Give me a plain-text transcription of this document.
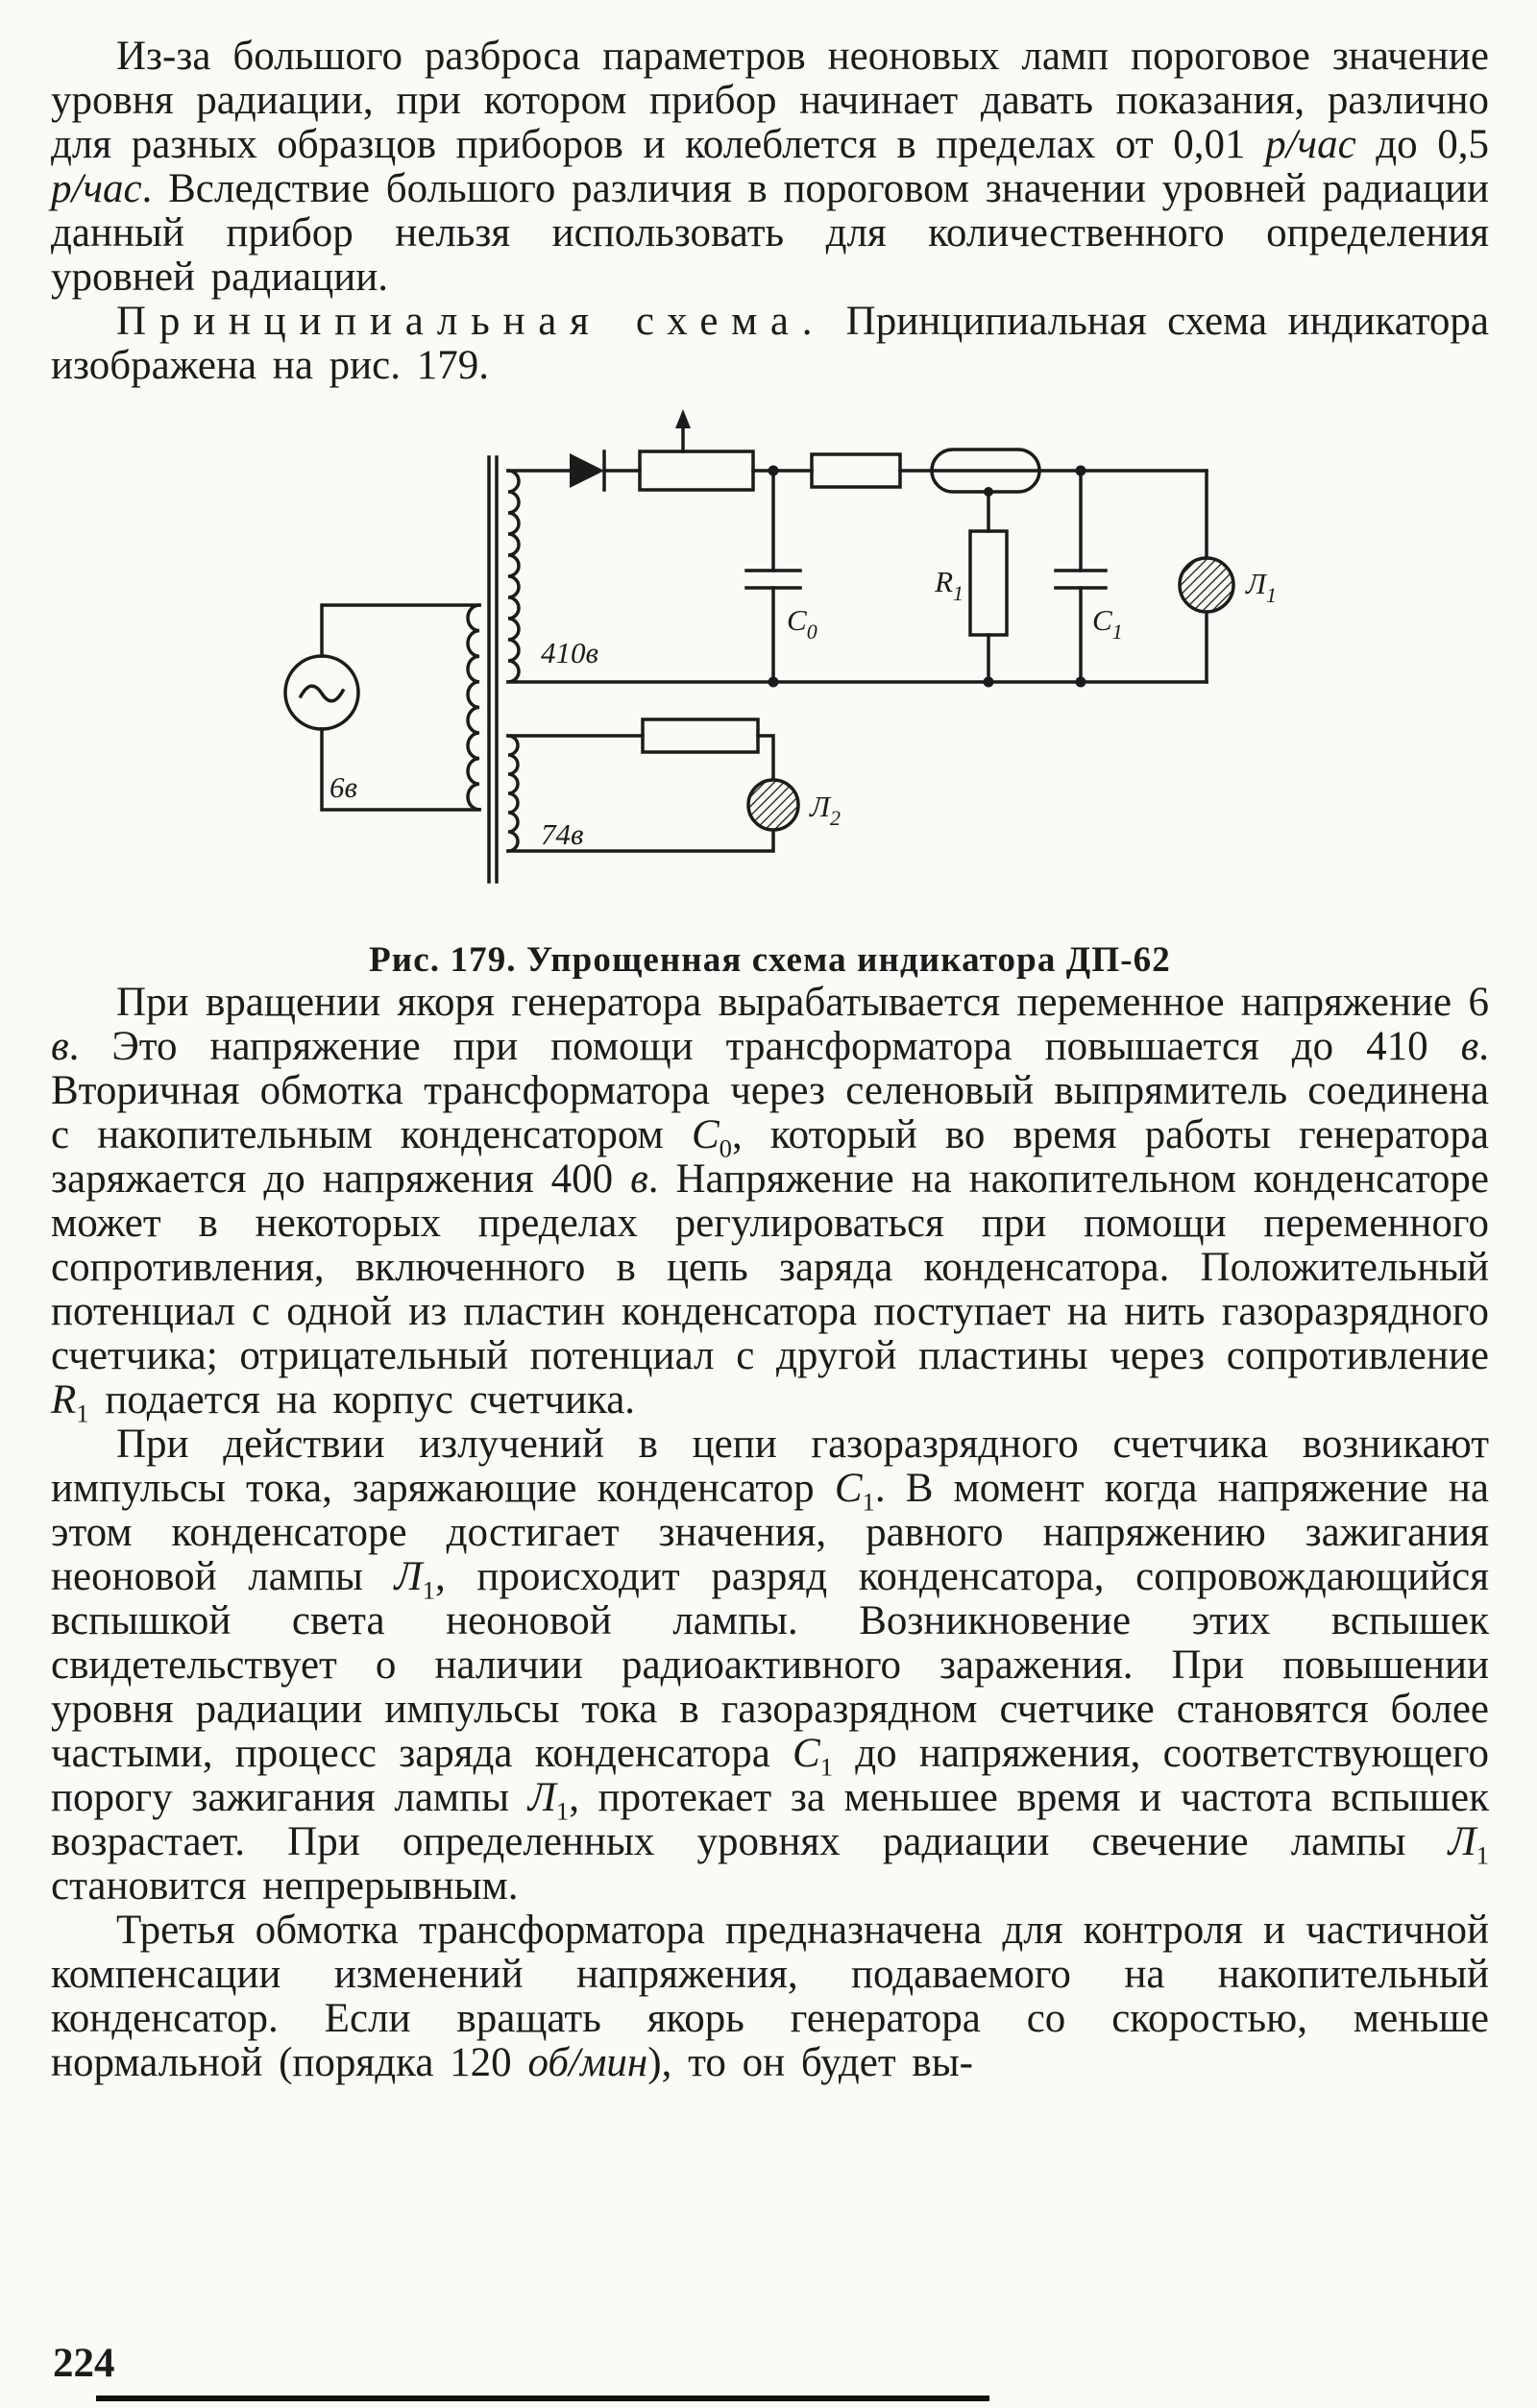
Из-за большого разброса параметров неоновых ламп пороговое значение уровня радиации, при котором прибор начинает давать показания, различно для разных образцов приборов и колеблется в пределах от 0,01 р/час до 0,5 р/час. Вследствие большого различия в пороговом значении уровней радиации данный прибор нельзя использовать для количественного определения уровней радиации.

Принципиальная схема. Принципиальная схема индикатора изображена на рис. 179.

410в
6в
74в
$С_0$
$R_1$
$С_1$
$Л_1$
$Л_2$
Рис. 179. Упрощенная схема индикатора ДП-62

При вращении якоря генератора вырабатывается переменное напряжение 6 в. Это напряжение при помощи трансформатора повышается до 410 в. Вторичная обмотка трансформатора через селеновый выпрямитель соединена с накопительным конденсатором $С_0$, который во время работы генератора заряжается до напряжения 400 в. Напряжение на накопительном конденсаторе может в некоторых пределах регулироваться при помощи переменного сопротивления, включенного в цепь заряда конденсатора. Положительный потенциал с одной из пластин конденсатора поступает на нить газоразрядного счетчика; отрицательный потенциал с другой пластины через сопротивление $R_1$ подается на корпус счетчика.

При действии излучений в цепи газоразрядного счетчика возникают импульсы тока, заряжающие конденсатор $С_1$. В момент когда напряжение на этом конденсаторе достигает значения, равного напряжению зажигания неоновой лампы $Л_1$, происходит разряд конденсатора, сопровождающийся вспышкой света неоновой лампы. Возникновение этих вспышек свидетельствует о наличии радиоактивного заражения. При повышении уровня радиации импульсы тока в газоразрядном счетчике становятся более частыми, процесс заряда конденсатора $С_1$ до напряжения, соответствующего порогу зажигания лампы $Л_1$, протекает за меньшее время и частота вспышек возрастает. При определенных уровнях радиации свечение лампы $Л_1$ становится непрерывным.

Третья обмотка трансформатора предназначена для контроля и частичной компенсации изменений напряжения, подаваемого на накопительный конденсатор. Если вращать якорь генератора со скоростью, меньше нормальной (порядка 120 об/мин), то он будет вы-

224
